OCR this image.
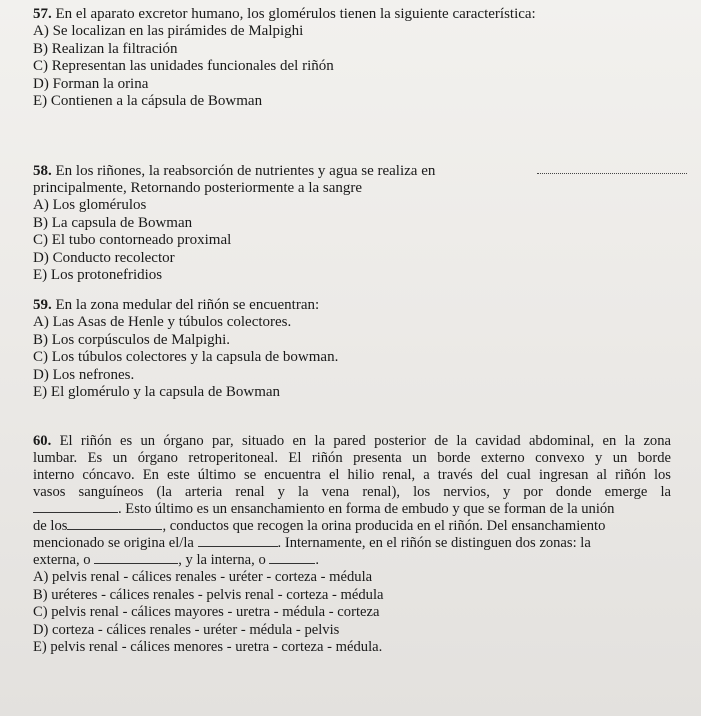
57. En el aparato excretor humano, los glomérulos tienen la siguiente característica:

A) Se localizan en las pirámides de Malpighi

B) Realizan la filtración

C) Representan las unidades funcionales del riñón

D) Forman la orina

E) Contienen a la cápsula de Bowman

58. En los riñones, la reabsorción de nutrientes y agua se realiza en

principalmente, Retornando posteriormente a la sangre

A) Los glomérulos

B) La capsula de Bowman

C) El tubo contorneado proximal

D) Conducto recolector

E) Los protonefridios

59. En la zona medular del riñón se encuentran:

A) Las Asas de Henle y túbulos colectores.

B) Los corpúsculos de Malpighi.

C) Los túbulos colectores y la capsula de bowman.

D) Los nefrones.

E) El glomérulo y la capsula de Bowman

60. El riñón es un órgano par, situado en la pared posterior de la cavidad abdominal, en la zona
lumbar. Es un órgano retroperitoneal. El riñón presenta un borde externo convexo y un borde
interno cóncavo. En este último se encuentra el hilio renal, a través del cual ingresan al riñón los
vasos sanguíneos (la arteria renal y la vena renal), los nervios, y por donde emerge la
. Esto último es un ensanchamiento en forma de embudo y que se forman de la unión
de los	, conductos que recogen la orina producida en el riñón. Del ensanchamiento
mencionado se origina el/la	. Internamente, en el riñón se distinguen dos zonas: la
externa, o	, y la interna, o	.

A) pelvis renal - cálices renales - uréter - corteza - médula

B) uréteres - cálices renales - pelvis renal - corteza - médula

C) pelvis renal - cálices mayores - uretra - médula - corteza

D) corteza - cálices renales - uréter - médula - pelvis

E) pelvis renal - cálices menores - uretra - corteza - médula.
